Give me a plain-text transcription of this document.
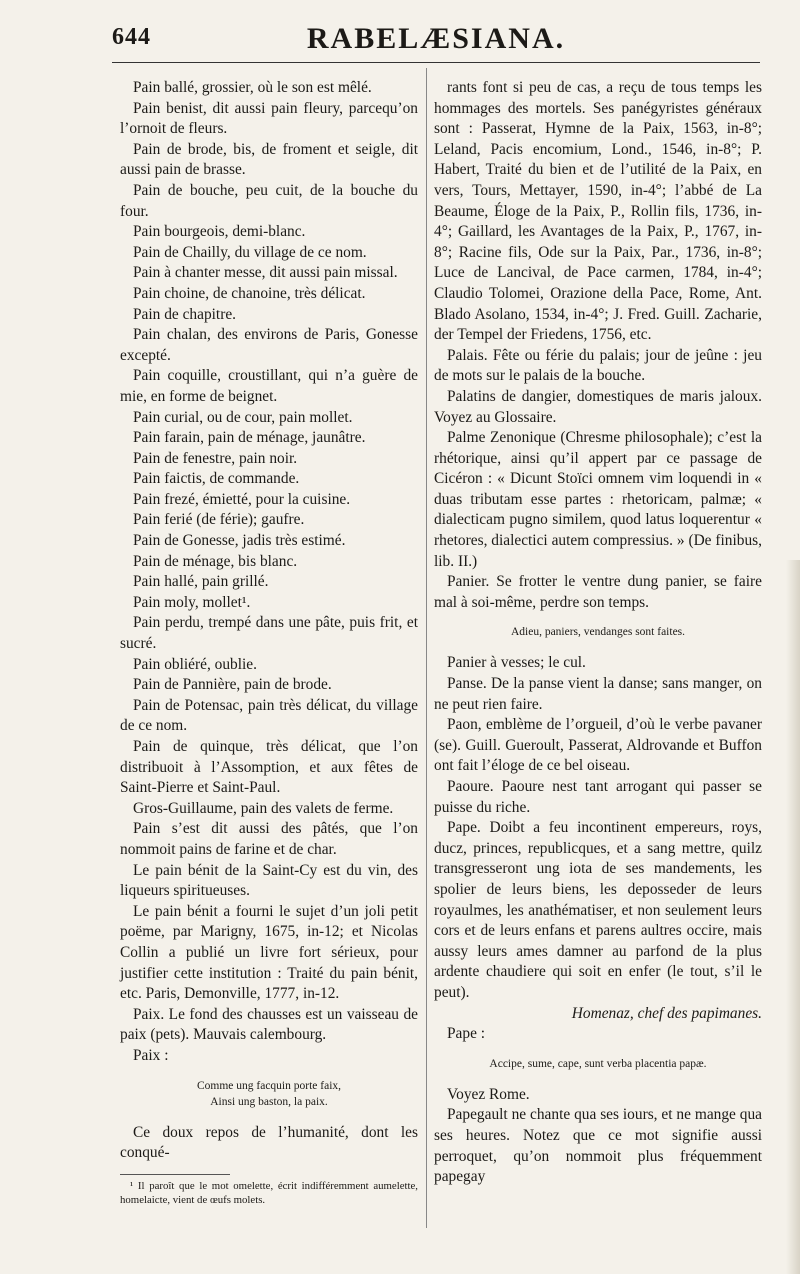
644	RABELÆSIANA.

Pain ballé, grossier, où le son est mêlé.

Pain benist, dit aussi pain fleury, parcequ’on l’ornoit de fleurs.

Pain de brode, bis, de froment et seigle, dit aussi pain de brasse.

Pain de bouche, peu cuit, de la bouche du four.

Pain bourgeois, demi-blanc.

Pain de Chailly, du village de ce nom.

Pain à chanter messe, dit aussi pain missal.

Pain choine, de chanoine, très délicat.

Pain de chapitre.

Pain chalan, des environs de Paris, Gonesse excepté.

Pain coquille, croustillant, qui n’a guère de mie, en forme de beignet.

Pain curial, ou de cour, pain mollet.

Pain farain, pain de ménage, jaunâtre.

Pain de fenestre, pain noir.

Pain faictis, de commande.

Pain frezé, émietté, pour la cuisine.

Pain ferié (de férie); gaufre.

Pain de Gonesse, jadis très estimé.

Pain de ménage, bis blanc.

Pain hallé, pain grillé.

Pain moly, mollet¹.

Pain perdu, trempé dans une pâte, puis frit, et sucré.

Pain obliéré, oublie.

Pain de Pannière, pain de brode.

Pain de Potensac, pain très délicat, du village de ce nom.

Pain de quinque, très délicat, que l’on distribuoit à l’Assomption, et aux fêtes de Saint-Pierre et Saint-Paul.

Gros-Guillaume, pain des valets de ferme.

Pain s’est dit aussi des pâtés, que l’on nommoit pains de farine et de char.

Le pain bénit de la Saint-Cy est du vin, des liqueurs spiritueuses.

Le pain bénit a fourni le sujet d’un joli petit poëme, par Marigny, 1675, in-12; et Nicolas Collin a publié un livre fort sérieux, pour justifier cette institution : Traité du pain bénit, etc. Paris, Demonville, 1777, in-12.

Paix. Le fond des chausses est un vaisseau de paix (pets). Mauvais calembourg.

Paix :

Comme ung facquin porte faix,
Ainsi ung baston, la paix.

Ce doux repos de l’humanité, dont les conqué-

¹ Il paroît que le mot omelette, écrit indifféremment aumelette, homelaicte, vient de œufs molets.

rants font si peu de cas, a reçu de tous temps les hommages des mortels. Ses panégyristes généraux sont : Passerat, Hymne de la Paix, 1563, in-8°; Leland, Pacis encomium, Lond., 1546, in-8°; P. Habert, Traité du bien et de l’utilité de la Paix, en vers, Tours, Mettayer, 1590, in-4°; l’abbé de La Beaume, Éloge de la Paix, P., Rollin fils, 1736, in-4°; Gaillard, les Avantages de la Paix, P., 1767, in-8°; Racine fils, Ode sur la Paix, Par., 1736, in-8°; Luce de Lancival, de Pace carmen, 1784, in-4°; Claudio Tolomei, Orazione della Pace, Rome, Ant. Blado Asolano, 1534, in-4°; J. Fred. Guill. Zacharie, der Tempel der Friedens, 1756, etc.

Palais. Fête ou férie du palais; jour de jeûne : jeu de mots sur le palais de la bouche.

Palatins de dangier, domestiques de maris jaloux. Voyez au Glossaire.

Palme Zenonique (Chresme philosophale); c’est la rhétorique, ainsi qu’il appert par ce passage de Cicéron : « Dicunt Stoïci omnem vim loquendi in « duas tributam esse partes : rhetoricam, palmæ; « dialecticam pugno similem, quod latus loquerentur « rhetores, dialectici autem compressius. » (De finibus, lib. II.)

Panier. Se frotter le ventre dung panier, se faire mal à soi-même, perdre son temps.

Adieu, paniers, vendanges sont faites.

Panier à vesses; le cul.

Panse. De la panse vient la danse; sans manger, on ne peut rien faire.

Paon, emblème de l’orgueil, d’où le verbe pavaner (se). Guill. Gueroult, Passerat, Aldrovande et Buffon ont fait l’éloge de ce bel oiseau.

Paoure. Paoure nest tant arrogant qui passer se puisse du riche.

Pape. Doibt a feu incontinent empereurs, roys, ducz, princes, republicques, et a sang mettre, quilz transgresseront ung iota de ses mandements, les spolier de leurs biens, les deposseder de leurs royaulmes, les anathématiser, et non seulement leurs cors et de leurs enfans et parens aultres occire, mais aussy leurs ames damner au parfond de la plus ardente chaudiere qui soit en enfer (le tout, s’il le peut).

Homenaz, chef des papimanes.

Pape :

Accipe, sume, cape, sunt verba placentia papæ.

Voyez Rome.

Papegault ne chante qua ses iours, et ne mange qua ses heures. Notez que ce mot signifie aussi perroquet, qu’on nommoit plus fréquemment papegay
